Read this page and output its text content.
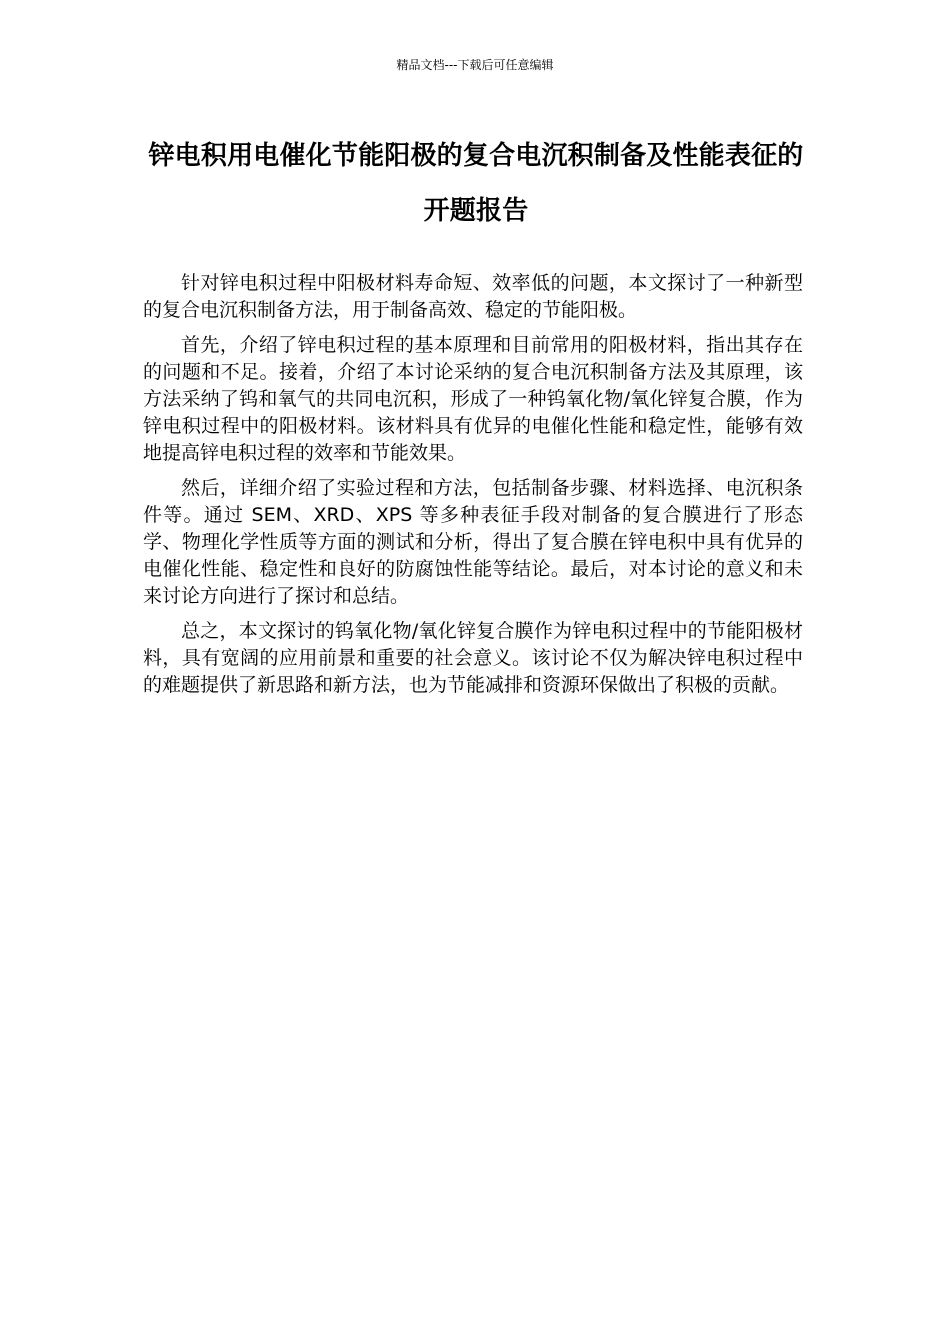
精品文档---下载后可任意编辑
锌电积用电催化节能阳极的复合电沉积制备及性能表征的开题报告

针对锌电积过程中阳极材料寿命短、效率低的问题，本文探讨了一种新型的复合电沉积制备方法，用于制备高效、稳定的节能阳极。

首先，介绍了锌电积过程的基本原理和目前常用的阳极材料，指出其存在的问题和不足。接着，介绍了本讨论采纳的复合电沉积制备方法及其原理，该方法采纳了钨和氧气的共同电沉积，形成了一种钨氧化物/氧化锌复合膜，作为锌电积过程中的阳极材料。该材料具有优异的电催化性能和稳定性，能够有效地提高锌电积过程的效率和节能效果。

然后，详细介绍了实验过程和方法，包括制备步骤、材料选择、电沉积条件等。通过 SEM、XRD、XPS 等多种表征手段对制备的复合膜进行了形态学、物理化学性质等方面的测试和分析，得出了复合膜在锌电积中具有优异的电催化性能、稳定性和良好的防腐蚀性能等结论。最后，对本讨论的意义和未来讨论方向进行了探讨和总结。

总之，本文探讨的钨氧化物/氧化锌复合膜作为锌电积过程中的节能阳极材料，具有宽阔的应用前景和重要的社会意义。该讨论不仅为解决锌电积过程中的难题提供了新思路和新方法，也为节能减排和资源环保做出了积极的贡献。
